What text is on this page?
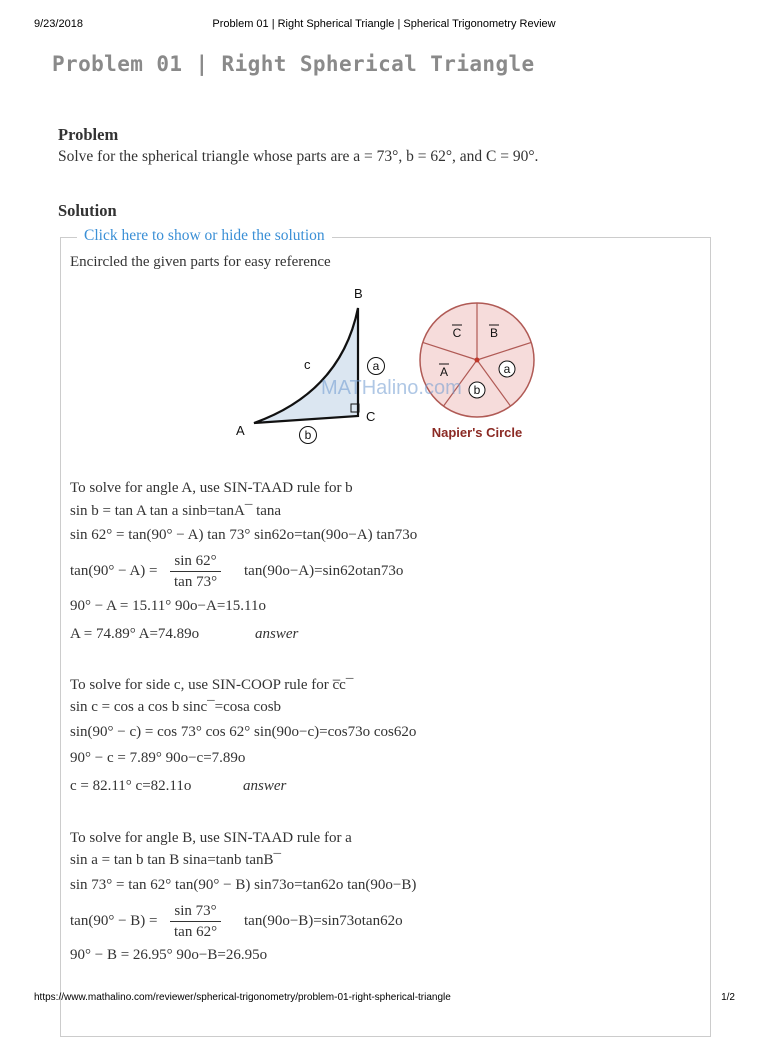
9/23/2018	Problem 01 | Right Spherical Triangle | Spherical Trigonometry Review
Problem 01 | Right Spherical Triangle
Problem
Solve for the spherical triangle whose parts are a = 73°, b = 62°, and C = 90°.
Solution
Click here to show or hide the solution
Encircled the given parts for easy reference
B
A
C
c	a
b
C B
A	a
b
Napier's Circle
MATHalino.com
To solve for angle A, use SIN-TAAD rule for b
sin b = tan A tan a sinb=tanA¯ tana
sin 62° = tan(90° − A) tan 73° sin62o=tan(90o−A) tan73o
$\tan(90^\circ - A) = \frac{\sin 62^\circ}{\tan 73^\circ} \tan(90o-A)=\sin 62otan73o$
90° − A = 15.11° 90o−A=15.11o
A = 74.89° A=74.89o	answer
To solve for side c, use SIN-COOP rule for c̅c¯
sin c = cos a cos b sinc¯=cosa cosb
sin(90° − c) = cos 73° cos 62° sin(90o−c)=cos73o cos62o
90° − c = 7.89° 90o−c=7.89o
c = 82.11° c=82.11o	answer
To solve for angle B, use SIN-TAAD rule for a
sin a = tan b tan B sina=tanb tanB¯
sin 73° = tan 62° tan(90° − B) sin73o=tan62o tan(90o−B)
$\tan(90^\circ - B) = \frac{\sin 73^\circ}{\tan 62^\circ} \tan(90o-B)=\sin 73otan62o$
90° − B = 26.95° 90o−B=26.95o
https://www.mathalino.com/reviewer/spherical-trigonometry/problem-01-right-spherical-triangle	1/2
